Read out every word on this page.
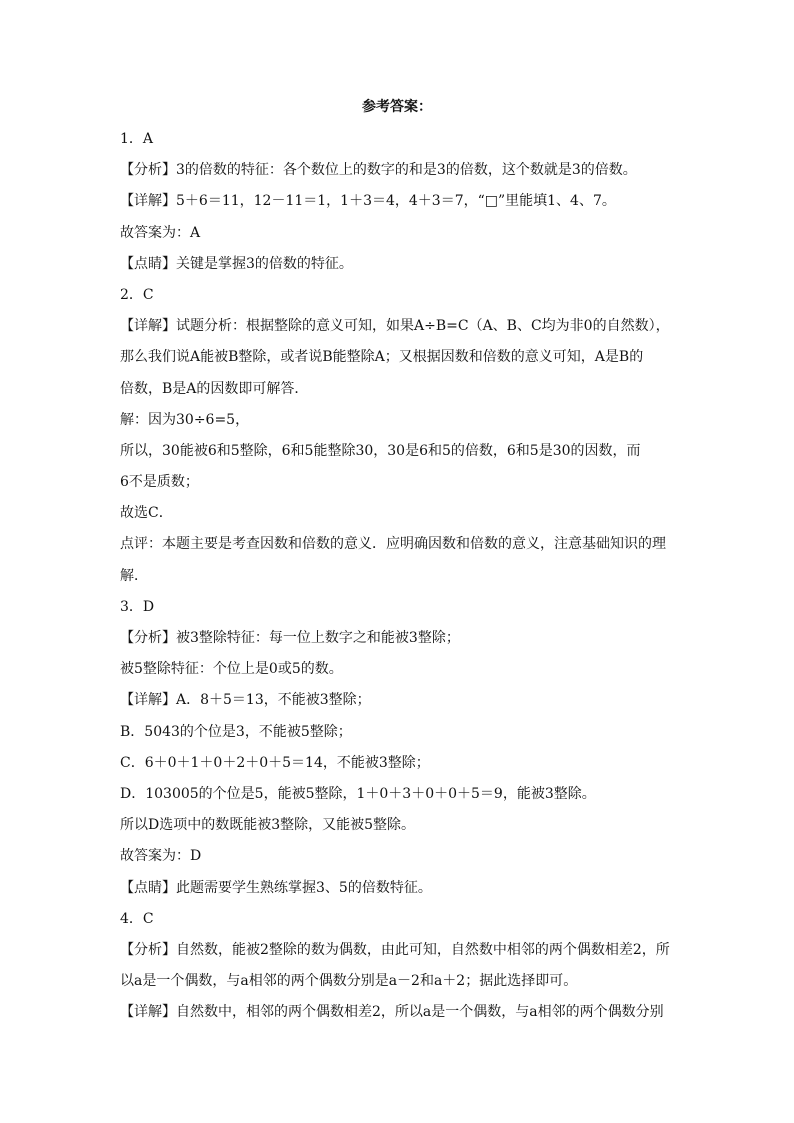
参考答案：
1．A
【分析】3的倍数的特征：各个数位上的数字的和是3的倍数，这个数就是3的倍数。
【详解】5＋6＝11，12－11＝1，1＋3＝4，4＋3＝7，“□”里能填1、4、7。
故答案为：A
【点睛】关键是掌握3的倍数的特征。
2．C
【详解】试题分析：根据整除的意义可知，如果A÷B=C（A、B、C均为非0的自然数），
那么我们说A能被B整除，或者说B能整除A；又根据因数和倍数的意义可知，A是B的
倍数，B是A的因数即可解答．
解：因为30÷6=5，
所以，30能被6和5整除，6和5能整除30，30是6和5的倍数，6和5是30的因数，而
6不是质数；
故选C．
点评：本题主要是考查因数和倍数的意义．应明确因数和倍数的意义，注意基础知识的理
解．
3．D
【分析】被3整除特征：每一位上数字之和能被3整除；
被5整除特征：个位上是0或5的数。
【详解】A．8＋5＝13，不能被3整除；
B．5043的个位是3，不能被5整除；
C．6＋0＋1＋0＋2＋0＋5＝14，不能被3整除；
D．103005的个位是5，能被5整除，1＋0＋3＋0＋0＋5＝9，能被3整除。
所以D选项中的数既能被3整除，又能被5整除。
故答案为：D
【点睛】此题需要学生熟练掌握3、5的倍数特征。
4．C
【分析】自然数，能被2整除的数为偶数，由此可知，自然数中相邻的两个偶数相差2，所
以a是一个偶数，与a相邻的两个偶数分别是a－2和a＋2；据此选择即可。
【详解】自然数中，相邻的两个偶数相差2，所以a是一个偶数，与a相邻的两个偶数分别
